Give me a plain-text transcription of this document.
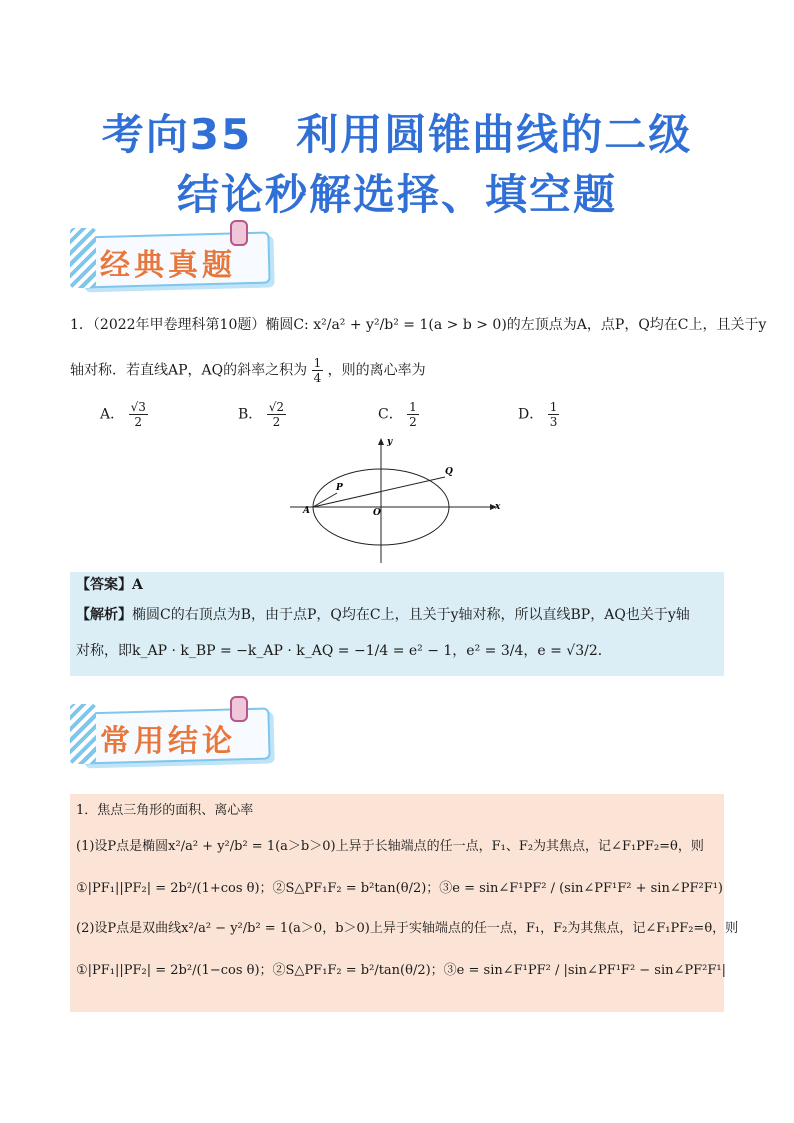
考向35　利用圆锥曲线的二级
结论秒解选择、填空题
经典真题
1．（2022年甲卷理科第10题）椭圆C: x²/a² + y²/b² = 1(a > b > 0)的左顶点为A，点P，Q均在C上，且关于y
轴对称．若直线AP，AQ的斜率之积为 $\frac{1}{4}$ ，则的离心率为
A． $\frac{√3}{2}$	B． $\frac{√2}{2}$	C． $\frac{1}{2}$	D． $\frac{1}{3}$
y
x
A	O
P
Q
【答案】A
【解析】椭圆C的右顶点为B，由于点P，Q均在C上，且关于y轴对称，所以直线BP，AQ也关于y轴
对称，即k_AP · k_BP = −k_AP · k_AQ = −1/4 = e² − 1，e² = 3/4，e = √3/2．
常用结论
1．焦点三角形的面积、离心率
(1)设P点是椭圆x²/a² + y²/b² = 1(a＞b＞0)上异于长轴端点的任一点，F₁、F₂为其焦点，记∠F₁PF₂=θ，则
①|PF₁||PF₂| = 2b²/(1+cos θ)；②S△PF₁F₂ = b²tan(θ/2)；③e = sin∠F¹PF² / (sin∠PF¹F² + sin∠PF²F¹)
(2)设P点是双曲线x²/a² − y²/b² = 1(a＞0，b＞0)上异于实轴端点的任一点，F₁，F₂为其焦点，记∠F₁PF₂=θ，则
①|PF₁||PF₂| = 2b²/(1−cos θ)；②S△PF₁F₂ = b²/tan(θ/2)；③e = sin∠F¹PF² / |sin∠PF¹F² − sin∠PF²F¹|
